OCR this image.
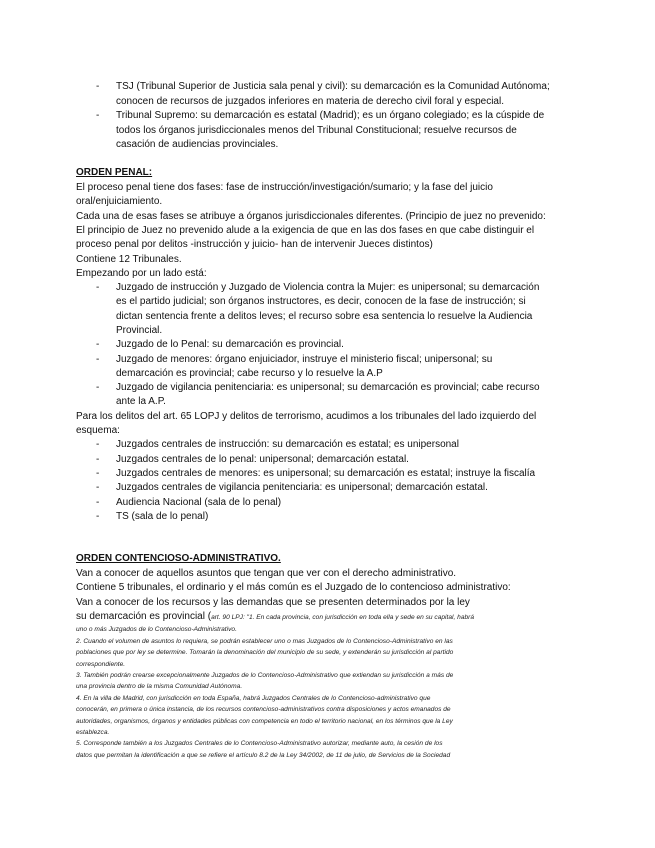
- TSJ (Tribunal Superior de Justicia sala penal y civil): su demarcación es la Comunidad Autónoma;
conocen de recursos de juzgados inferiores en materia de derecho civil foral y especial.
- Tribunal Supremo: su demarcación es estatal (Madrid); es un órgano colegiado; es la cúspide de
todos los órganos jurisdiccionales menos del Tribunal Constitucional; resuelve recursos de
casación de audiencias provinciales.
ORDEN PENAL:
El proceso penal tiene dos fases: fase de instrucción/investigación/sumario; y la fase del juicio
oral/enjuiciamiento.
Cada una de esas fases se atribuye a órganos jurisdiccionales diferentes. (Principio de juez no prevenido:
El principio de Juez no prevenido alude a la exigencia de que en las dos fases en que cabe distinguir el
proceso penal por delitos -instrucción y juicio- han de intervenir Jueces distintos)
Contiene 12 Tribunales.
Empezando por un lado está:
- Juzgado de instrucción y Juzgado de Violencia contra la Mujer: es unipersonal; su demarcación
es el partido judicial; son órganos instructores, es decir, conocen de la fase de instrucción; si
dictan sentencia frente a delitos leves; el recurso sobre esa sentencia lo resuelve la Audiencia
Provincial.
- Juzgado de lo Penal: su demarcación es provincial.
- Juzgado de menores: órgano enjuiciador, instruye el ministerio fiscal; unipersonal; su
demarcación es provincial; cabe recurso y lo resuelve la A.P
- Juzgado de vigilancia penitenciaria: es unipersonal; su demarcación es provincial; cabe recurso
ante la A.P.
Para los delitos del art. 65 LOPJ y delitos de terrorismo, acudimos a los tribunales del lado izquierdo del
esquema:
- Juzgados centrales de instrucción: su demarcación es estatal; es unipersonal
- Juzgados centrales de lo penal: unipersonal; demarcación estatal.
- Juzgados centrales de menores: es unipersonal; su demarcación es estatal; instruye la fiscalía
- Juzgados centrales de vigilancia penitenciaria: es unipersonal; demarcación estatal.
- Audiencia Nacional (sala de lo penal)
- TS (sala de lo penal)
ORDEN CONTENCIOSO-ADMINISTRATIVO.
Van a conocer de aquellos asuntos que tengan que ver con el derecho administrativo.
Contiene 5 tribunales, el ordinario y el más común es el Juzgado de lo contencioso administrativo:
Van a conocer de los recursos y las demandas que se presenten determinados por la ley
su demarcación es provincial (art. 90 LPJ: "1. En cada provincia, con jurisdicción en toda ella y sede en su capital, habrá
uno o más Juzgados de lo Contencioso-Administrativo.
2. Cuando el volumen de asuntos lo requiera, se podrán establecer uno o mas Juzgados de lo Contencioso-Administrativo en las
poblaciones que por ley se determine. Tomarán la denominación del municipio de su sede, y extenderán su jurisdicción al partido
correspondiente.
3. También podrán crearse excepcionalmente Juzgados de lo Contencioso-Administrativo que extiendan su jurisdicción a más de
una provincia dentro de la misma Comunidad Autónoma.
4. En la villa de Madrid, con jurisdicción en toda España, habrá Juzgados Centrales de lo Contencioso-administrativo que
conocerán, en primera o única instancia, de los recursos contencioso-administrativos contra disposiciones y actos emanados de
autoridades, organismos, órganos y entidades públicas con competencia en todo el territorio nacional, en los términos que la Ley
establezca.
5. Corresponde también a los Juzgados Centrales de lo Contencioso-Administrativo autorizar, mediante auto, la cesión de los
datos que permitan la identificación a que se refiere el artículo 8.2 de la Ley 34/2002, de 11 de julio, de Servicios de la Sociedad
